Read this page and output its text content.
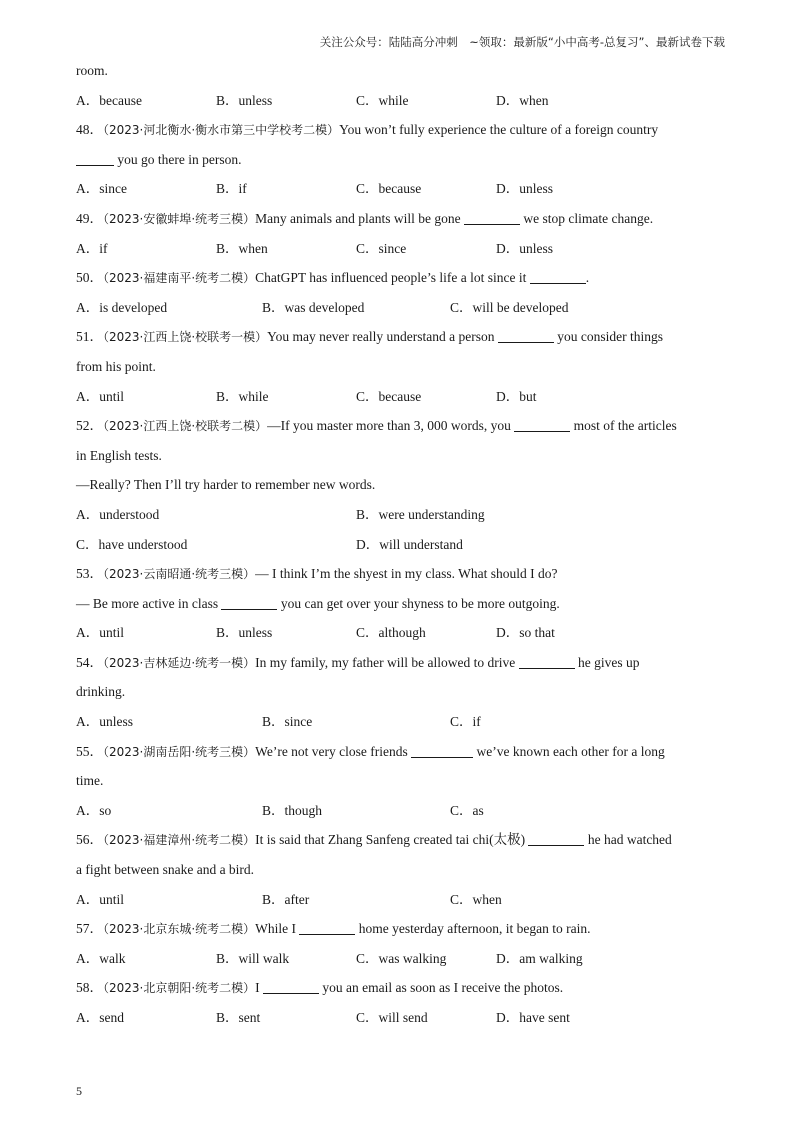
关注公众号：陆陆高分冲刺　~领取：最新版“小中高考-总复习”、最新试卷下载
room.
A．because	B．unless	C．while	D．when
48．（2023·河北衡水·衡水市第三中学校考二模）You won’t fully experience the culture of a foreign country
you go there in person.
A．since	B．if	C．because	D．unless
49．（2023·安徽蚌埠·统考三模）Many animals and plants will be gone	we stop climate change.
A．if	B．when	C．since	D．unless
50．（2023·福建南平·统考二模）ChatGPT has influenced people’s life a lot since it	.
A．is developed	B．was developed	C．will be developed
51．（2023·江西上饶·校联考一模）You may never really understand a person	you consider things
from his point.
A．until	B．while	C．because	D．but
52．（2023·江西上饶·校联考二模）—If you master more than 3, 000 words, you	most of the articles
in English tests.
—Really? Then I’ll try harder to remember new words.
A．understood	B．were understanding
C．have understood	D．will understand
53．（2023·云南昭通·统考三模）— I think I’m the shyest in my class. What should I do?
— Be more active in class	you can get over your shyness to be more outgoing.
A．until	B．unless	C．although	D．so that
54．（2023·吉林延边·统考一模）In my family, my father will be allowed to drive	he gives up
drinking.
A．unless	B．since	C．if
55．（2023·湖南岳阳·统考三模）We’re not very close friends	we’ve known each other for a long
time.
A．so	B．though	C．as
56．（2023·福建漳州·统考二模）It is said that Zhang Sanfeng created tai chi(太极)	he had watched
a fight between snake and a bird.
A．until	B．after	C．when
57．（2023·北京东城·统考二模）While I	home yesterday afternoon, it began to rain.
A．walk	B．will walk	C．was walking	D．am walking
58．（2023·北京朝阳·统考二模）I	you an email as soon as I receive the photos.
A．send	B．sent	C．will send	D．have sent
5
